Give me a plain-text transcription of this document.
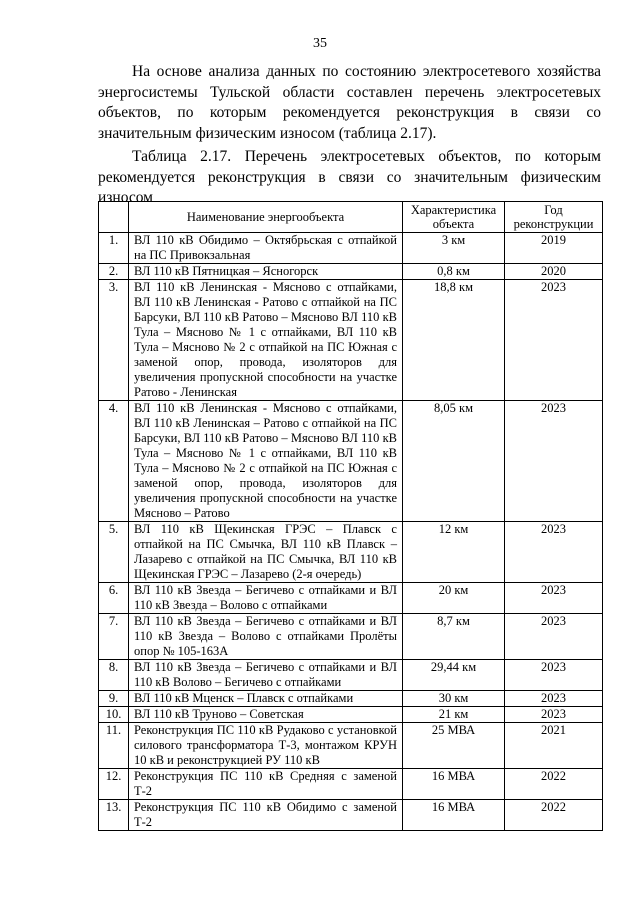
35

На основе анализа данных по состоянию электросетевого хозяйства энергосистемы Тульской области составлен перечень электросетевых объектов, по которым рекомендуется реконструкция в связи со значительным физическим износом (таблица 2.17).

Таблица 2.17. Перечень электросетевых объектов, по которым рекомендуется реконструкция в связи со значительным физическим износом

	Наименование энергообъекта	Характеристика объекта	Год реконструкции
1.	ВЛ 110 кВ Обидимо – Октябрьская с отпайкой на ПС Привокзальная	3 км	2019
2.	ВЛ 110 кВ Пятницкая – Ясногорск	0,8 км	2020
3.	ВЛ 110 кВ Ленинская - Мясново с отпайками, ВЛ 110 кВ Ленинская - Ратово с отпайкой на ПС Барсуки, ВЛ 110 кВ Ратово – Мясново ВЛ 110 кВ Тула – Мясново № 1 с отпайками, ВЛ 110 кВ Тула – Мясново № 2 с отпайкой на ПС Южная с заменой опор, провода, изоляторов для увеличения пропускной способности на участке Ратово - Ленинская	18,8 км	2023
4.	ВЛ 110 кВ Ленинская - Мясново с отпайками, ВЛ 110 кВ Ленинская – Ратово с отпайкой на ПС Барсуки, ВЛ 110 кВ Ратово – Мясново ВЛ 110 кВ Тула – Мясново № 1 с отпайками, ВЛ 110 кВ Тула – Мясново № 2 с отпайкой на ПС Южная с заменой опор, провода, изоляторов для увеличения пропускной способности на участке Мясново – Ратово	8,05 км	2023
5.	ВЛ 110 кВ Щекинская ГРЭС – Плавск с отпайкой на ПС Смычка, ВЛ 110 кВ Плавск – Лазарево с отпайкой на ПС Смычка, ВЛ 110 кВ Щекинская ГРЭС – Лазарево (2-я очередь)	12 км	2023
6.	ВЛ 110 кВ Звезда – Бегичево с отпайками и ВЛ 110 кВ Звезда – Волово с отпайками	20 км	2023
7.	ВЛ 110 кВ Звезда – Бегичево с отпайками и ВЛ 110 кВ Звезда – Волово с отпайками Пролёты опор № 105-163А	8,7 км	2023
8.	ВЛ 110 кВ Звезда – Бегичево с отпайками и ВЛ 110 кВ Волово – Бегичево с отпайками	29,44 км	2023
9.	ВЛ 110 кВ Мценск – Плавск с отпайками	30 км	2023
10.	ВЛ 110 кВ Труново – Советская	21 км	2023
11.	Реконструкция ПС 110 кВ Рудаково с установкой силового трансформатора Т-3, монтажом КРУН 10 кВ и реконструкцией РУ 110 кВ	25 МВА	2021
12.	Реконструкция ПС 110 кВ Средняя с заменой Т-2	16 МВА	2022
13.	Реконструкция ПС 110 кВ Обидимо с заменой Т-2	16 МВА	2022
